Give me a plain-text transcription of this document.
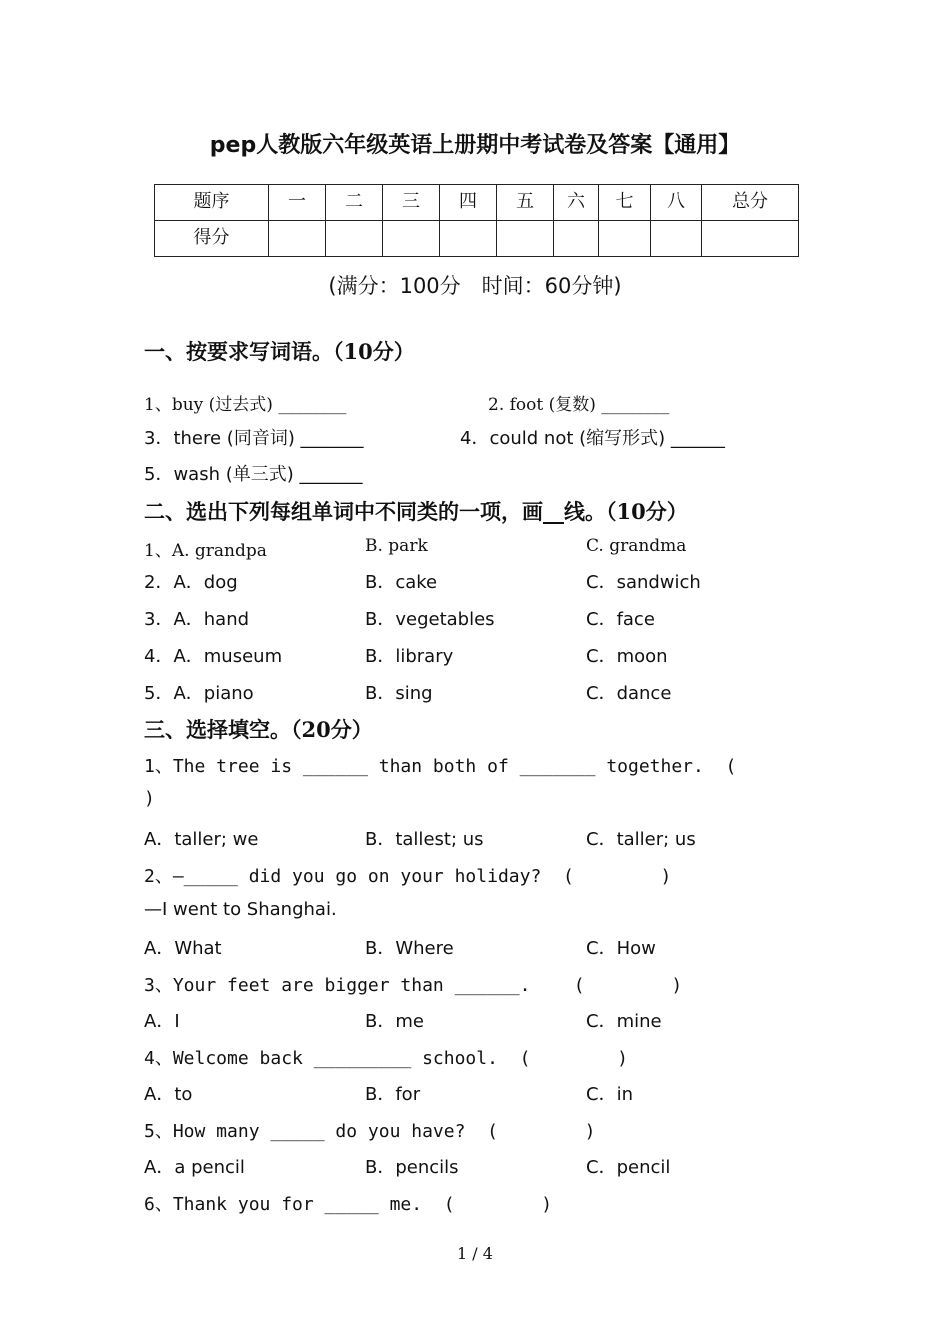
pep人教版六年级英语上册期中考试卷及答案【通用】
题序	一	二	三	四	五	六	七	八	总分
得分									
(满分：100分　时间：60分钟)
一、按要求写词语。（10分）
1、buy (过去式) ________	2. foot (复数) ________
3．there (同音词) _______	4．could not (缩写形式) ______
5．wash (单三式) _______
二、选出下列每组单词中不同类的一项，画__线。（10分）
1、A. grandpa	B. park	C. grandma
2．A．dog	B．cake	C．sandwich
3．A．hand	B．vegetables	C．face
4．A．museum	B．library	C．moon
5．A．piano	B．sing	C．dance
三、选择填空。（20分）
1、The tree is ______ than both of _______ together.  (
)
A．taller; we	B．tallest; us	C．taller; us
2、—_____ did you go on your holiday?  (        )
—I went to Shanghai.
A．What	B．Where	C．How
3、Your feet are bigger than ______.    (        )
A．I	B．me	C．mine
4、Welcome back _________ school.  (        )
A．to	B．for	C．in
5、How many _____ do you have?  (        )
A．a pencil	B．pencils	C．pencil
6、Thank you for _____ me.  (        )
1 / 4
